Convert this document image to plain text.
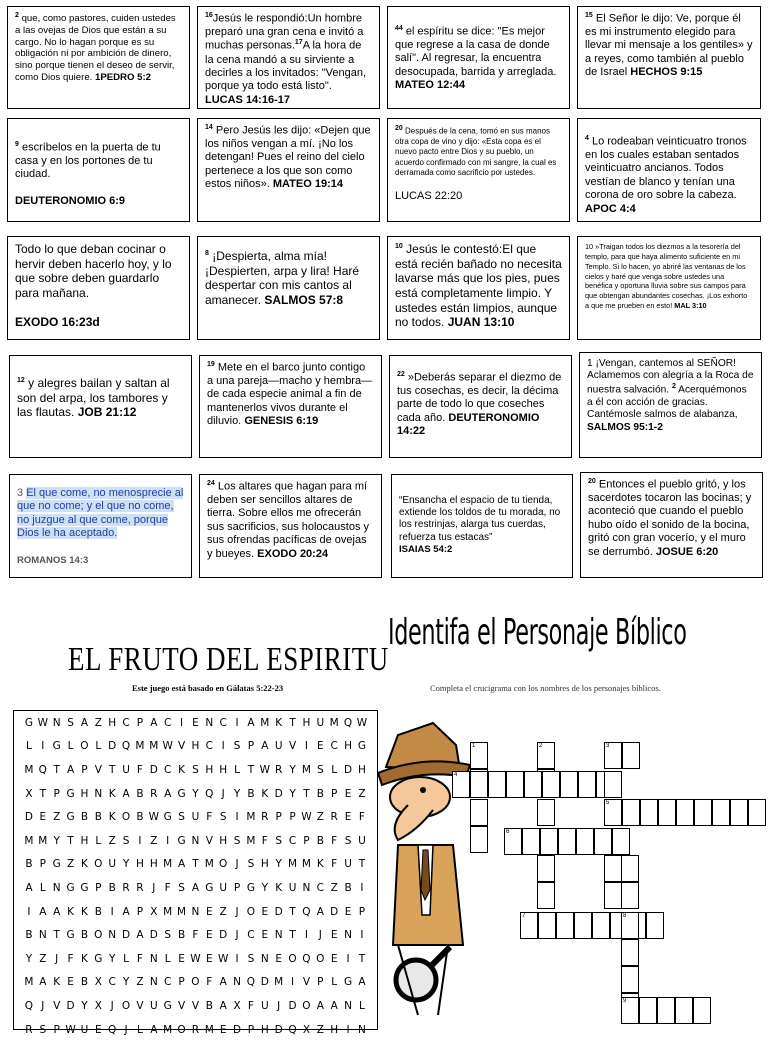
$^2$ que, como pastores, cuiden ustedes a las ovejas de Dios que están a su cargo. No lo hagan porque es su obligación ni por ambición de dinero, sino porque tienen el deseo de servir, como Dios quiere. 1PEDRO 5:2
$^{16}$Jesús le respondió:Un hombre preparó una gran cena e invitó a muchas personas.$^{17}$A la hora de la cena mandó a su sirviente a decirles a los invitados: "Vengan, porque ya todo está listo". LUCAS 14:16-17
$^{44}$ el espíritu se dice: "Es mejor que regrese a la casa de donde salí". Al regresar, la encuentra desocupada, barrida y arreglada. MATEO 12:44
$^{15}$ El Señor le dijo: Ve, porque él es mi instrumento elegido para llevar mi mensaje a los gentiles» y a reyes, como también al pueblo de Israel HECHOS 9:15
$^9$ escríbelos en la puerta de tu casa y en los portones de tu ciudad.

DEUTERONOMIO 6:9
$^{14}$ Pero Jesús les dijo: «Dejen que los niños vengan a mí. ¡No los detengan! Pues el reino del cielo pertenece a los que son como estos niños». MATEO 19:14
20 Después de la cena, tomó en sus manos otra copa de vino y dijo: «Esta copa es el nuevo pacto entre Dios y su pueblo, un acuerdo confirmado con mi sangre, la cual es derramada como sacrificio por ustedes.

LUCAS 22:20
$^4$ Lo rodeaban veinticuatro tronos en los cuales estaban sentados veinticuatro ancianos. Todos vestían de blanco y tenían una corona de oro sobre la cabeza. APOC 4:4
Todo lo que deban cocinar o hervir deben hacerlo hoy, y lo que sobre deben guardarlo para mañana.

EXODO 16:23d
$^8$ ¡Despierta, alma mía! ¡Despierten, arpa y lira! Haré despertar con mis cantos al amanecer. SALMOS 57:8
$^{10}$ Jesús le contestó:El que está recién bañado no necesita lavarse más que los pies, pues está completamente limpio. Y ustedes están limpios, aunque no todos. JUAN 13:10
10 »Traigan todos los diezmos a la tesorería del templo, para que haya alimento suficiente en mi Templo. Si lo hacen, yo abriré las ventanas de los cielos y haré que venga sobre ustedes una benéfica y oportuna lluvia sobre sus campos para que obtengan abundantes cosechas. ¡Los exhorto a que me prueben en esto! MAL 3:10
$^{12}$ y alegres bailan y saltan al son del arpa, los tambores y las flautas. JOB 21:12
$^{19}$ Mete en el barco junto contigo a una pareja—macho y hembra—de cada especie animal a fin de mantenerlos vivos durante el diluvio. GENESIS 6:19
$^{22}$ »Deberás separar el diezmo de tus cosechas, es decir, la décima parte de todo lo que coseches cada año. DEUTERONOMIO 14:22
1 ¡Vengan, cantemos al SEÑOR! Aclamemos con alegría a la Roca de nuestra salvación. $^2$ Acerquémonos a él con acción de gracias. Cantémosle salmos de alabanza, SALMOS 95:1-2
3 El que come, no menosprecie al que no come; y el que no come, no juzgue al que come, porque Dios le ha aceptado.

ROMANOS 14:3
$^{24}$ Los altares que hagan para mí deben ser sencillos altares de tierra. Sobre ellos me ofrecerán sus sacrificios, sus holocaustos y sus ofrendas pacíficas de ovejas y bueyes. EXODO 20:24
“Ensancha el espacio de tu tienda, extiende los toldos de tu morada, no los restrinjas, alarga tus cuerdas, refuerza tus estacas”
ISAIAS 54:2
$^{20}$ Entonces el pueblo gritó, y los sacerdotes tocaron las bocinas; y aconteció que cuando el pueblo hubo oído el sonido de la bocina, gritó con gran vocerío, y el muro se derrumbó. JOSUE 6:20
EL FRUTO DEL ESPIRITU
Este juego está basado en Gálatas 5:22-23
G W N S A Z H C P A C I E N C I A M K T H U M Q W
L I G L O L D Q M M W V H C I S P A U V I E C H G
M Q T A P V T U F D C K S H H L T W R Y M S L D H
X T P G H N K A B R A G Y Q J Y B K D Y T B P E Z
D E Z G B B K O B W G S U F S I M R P P W Z R E F
M M Y T H L Z S I Z I G N V H S M F S C P B F S U
B P G Z K O U Y H H M A T M O J S H Y M M K F U T
A L N G G P B R R J F S A G U P G Y K U N C Z B I
I A A K K B I A P X M M N E Z J O E D T Q A D E P
B N T G B O N D A D S B F E D J C E N T I	J E N I
Y Z J F K G Y L F N L E W E W I S N E O Q O E I T
M A K E B X C Y Z N C P O F A N Q D M I V P L G A
Q J V D Y X J O V U G V V B A X F U J D O A A N L
R S P W U E Q J L A M O R M E D P H D Q X Z H I N
Identifa el Personaje Bíblico
Completa el crucigrama con los nombres de los personajes bíblicos.
1	2	3
4
5
6
7	8
9
